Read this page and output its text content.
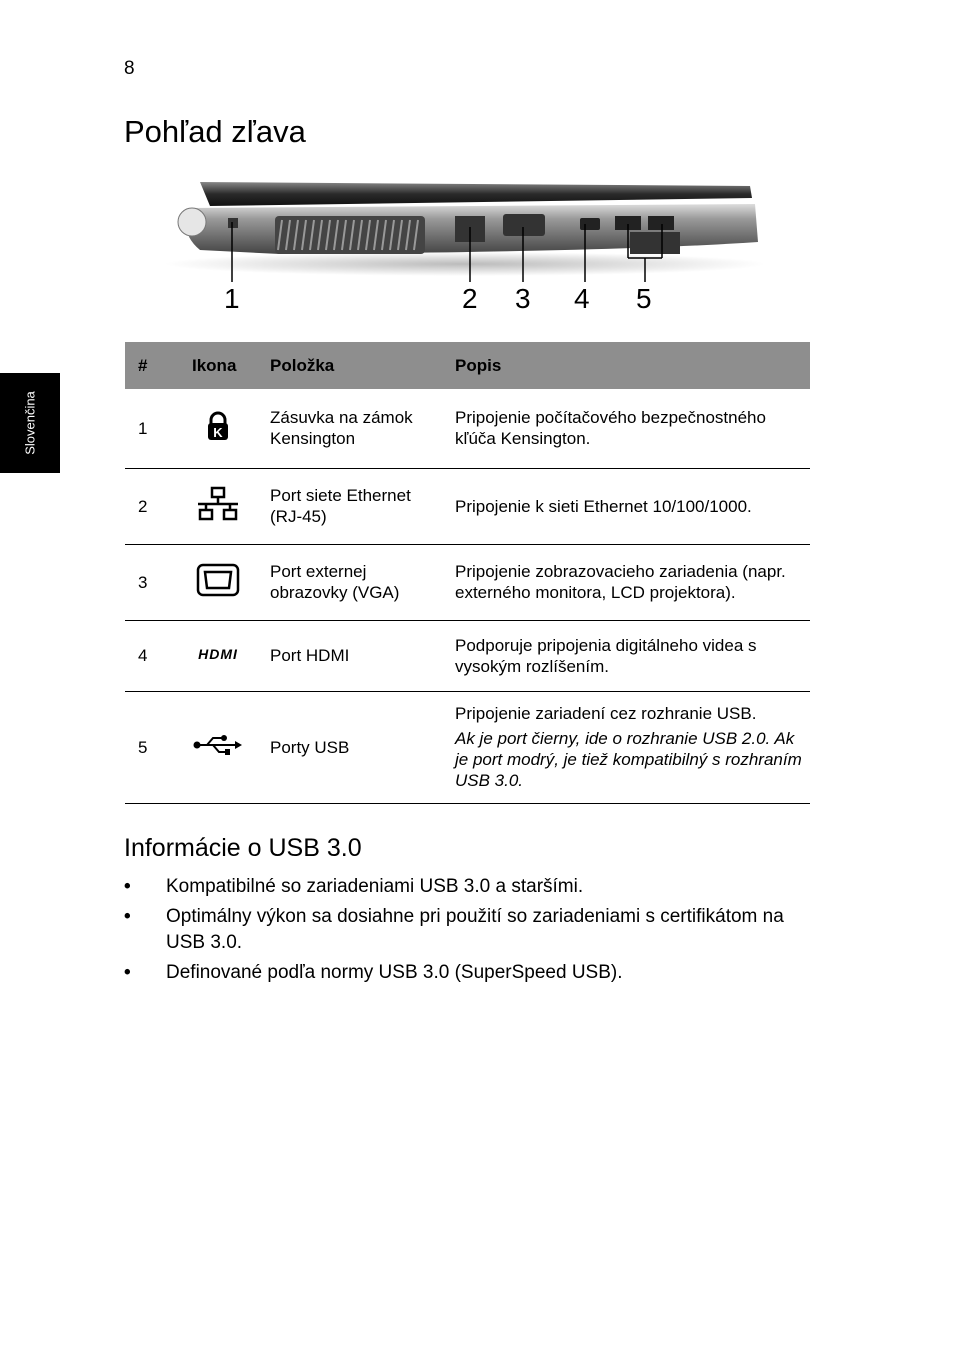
8
Slovenčina
Pohľad zľava
1	2 3 4 5
#	Ikona	Položka	Popis
1	K	Zásuvka na zámok Kensington	Pripojenie počítačového bezpečnostného kľúča Kensington.
2		Port siete Ethernet (RJ-45)	Pripojenie k sieti Ethernet 10/100/1000.
3		Port externej obrazovky (VGA)	Pripojenie zobrazovacieho zariadenia (napr. externého monitora, LCD projektora).
4	HDMI	Port HDMI	Podporuje pripojenia digitálneho videa s vysokým rozlíšením.
5		Porty USB	Pripojenie zariadení cez rozhranie USB.
Ak je port čierny, ide o rozhranie USB 2.0. Ak je port modrý, je tiež kompatibilný s rozhraním USB 3.0.
Informácie o USB 3.0
• Kompatibilné so zariadeniami USB 3.0 a staršími.
• Optimálny výkon sa dosiahne pri použití so zariadeniami s certifikátom na USB 3.0.
• Definované podľa normy USB 3.0 (SuperSpeed USB).
